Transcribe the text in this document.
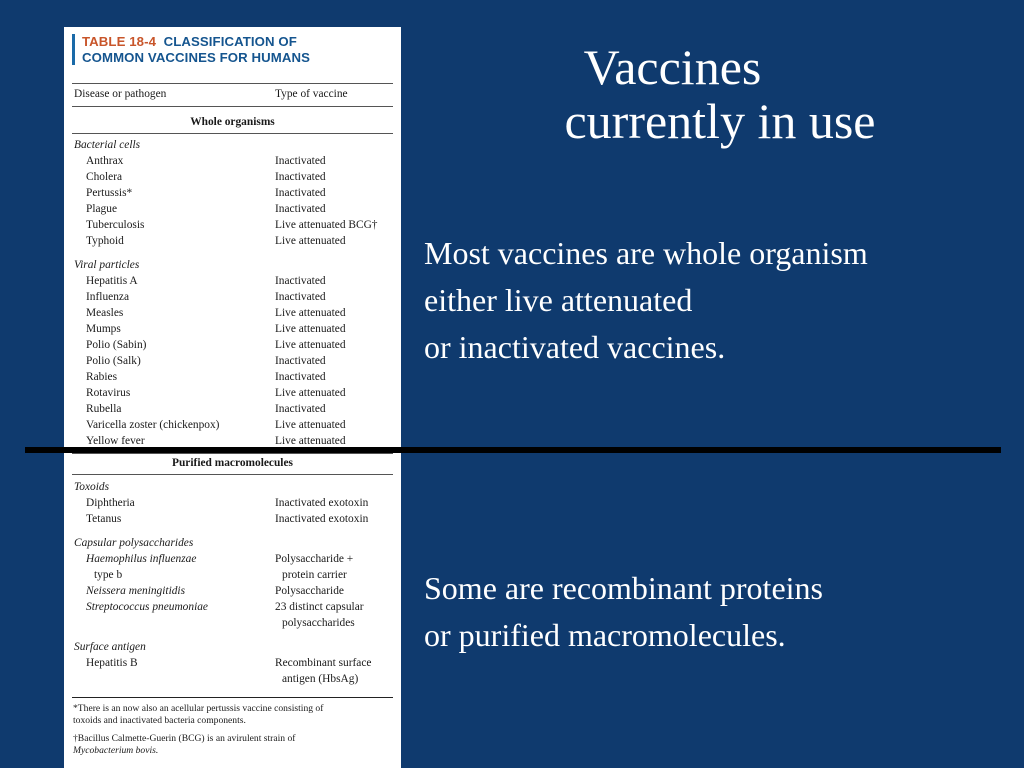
TABLE 18-4 CLASSIFICATION OF
COMMON VACCINES FOR HUMANS
Disease or pathogen	Type of vaccine
Whole organisms
Bacterial cells
Anthrax	Inactivated
Cholera	Inactivated
Pertussis*	Inactivated
Plague	Inactivated
Tuberculosis	Live attenuated BCG†
Typhoid	Live attenuated
Viral particles
Hepatitis A	Inactivated
Influenza	Inactivated
Measles	Live attenuated
Mumps	Live attenuated
Polio (Sabin)	Live attenuated
Polio (Salk)	Inactivated
Rabies	Inactivated
Rotavirus	Live attenuated
Rubella	Inactivated
Varicella zoster (chickenpox)	Live attenuated
Yellow fever	Live attenuated
Purified macromolecules
Toxoids
Diphtheria	Inactivated exotoxin
Tetanus	Inactivated exotoxin
Capsular polysaccharides
Haemophilus influenzae	Polysaccharide +
type b	protein carrier
Neissera meningitidis	Polysaccharide
Streptococcus pneumoniae	23 distinct capsular
polysaccharides
Surface antigen
Hepatitis B	Recombinant surface
antigen (HbsAg)
*There is an now also an acellular pertussis vaccine consisting of
toxoids and inactivated bacteria components.
†Bacillus Calmette-Guerin (BCG) is an avirulent strain of
Mycobacterium bovis.
Vaccines
currently in use
Most vaccines are whole organism
either live attenuated
or inactivated vaccines.
Some are recombinant proteins
or purified macromolecules.
